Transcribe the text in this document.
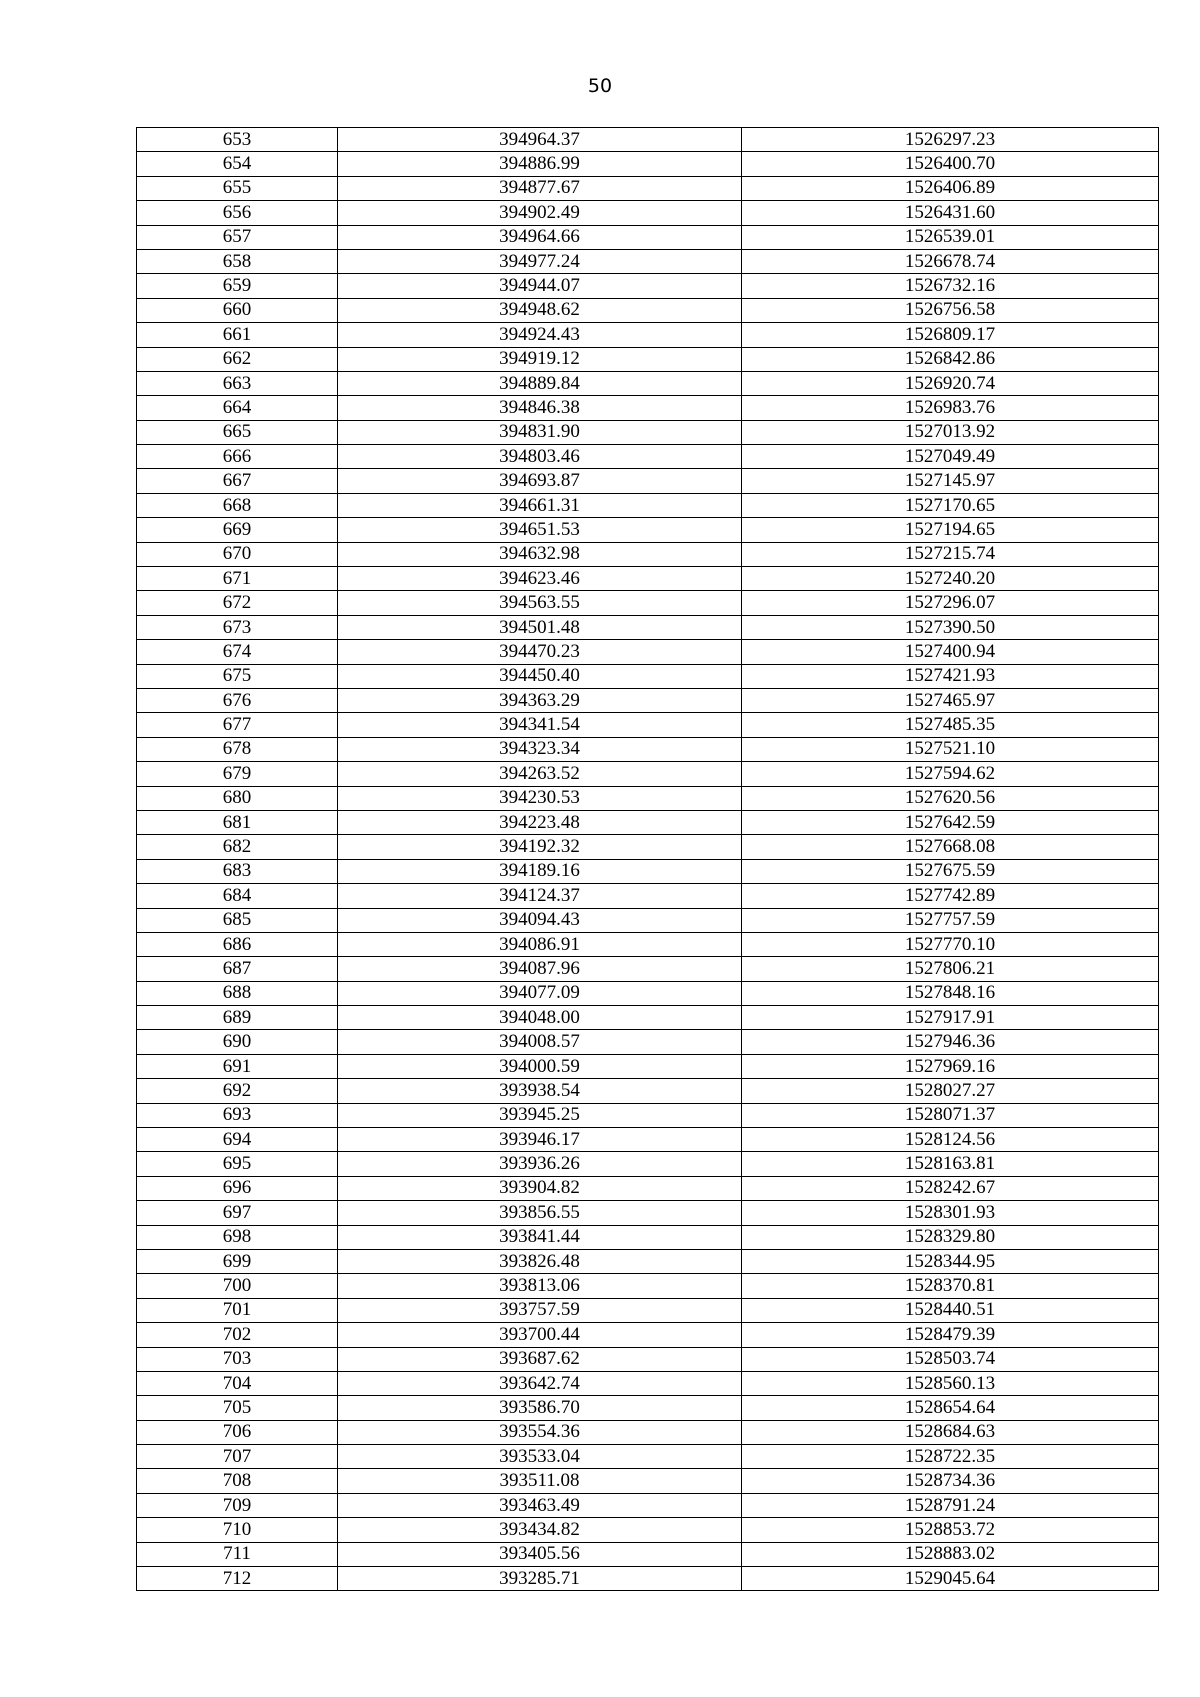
50
653	394964.37	1526297.23
654	394886.99	1526400.70
655	394877.67	1526406.89
656	394902.49	1526431.60
657	394964.66	1526539.01
658	394977.24	1526678.74
659	394944.07	1526732.16
660	394948.62	1526756.58
661	394924.43	1526809.17
662	394919.12	1526842.86
663	394889.84	1526920.74
664	394846.38	1526983.76
665	394831.90	1527013.92
666	394803.46	1527049.49
667	394693.87	1527145.97
668	394661.31	1527170.65
669	394651.53	1527194.65
670	394632.98	1527215.74
671	394623.46	1527240.20
672	394563.55	1527296.07
673	394501.48	1527390.50
674	394470.23	1527400.94
675	394450.40	1527421.93
676	394363.29	1527465.97
677	394341.54	1527485.35
678	394323.34	1527521.10
679	394263.52	1527594.62
680	394230.53	1527620.56
681	394223.48	1527642.59
682	394192.32	1527668.08
683	394189.16	1527675.59
684	394124.37	1527742.89
685	394094.43	1527757.59
686	394086.91	1527770.10
687	394087.96	1527806.21
688	394077.09	1527848.16
689	394048.00	1527917.91
690	394008.57	1527946.36
691	394000.59	1527969.16
692	393938.54	1528027.27
693	393945.25	1528071.37
694	393946.17	1528124.56
695	393936.26	1528163.81
696	393904.82	1528242.67
697	393856.55	1528301.93
698	393841.44	1528329.80
699	393826.48	1528344.95
700	393813.06	1528370.81
701	393757.59	1528440.51
702	393700.44	1528479.39
703	393687.62	1528503.74
704	393642.74	1528560.13
705	393586.70	1528654.64
706	393554.36	1528684.63
707	393533.04	1528722.35
708	393511.08	1528734.36
709	393463.49	1528791.24
710	393434.82	1528853.72
711	393405.56	1528883.02
712	393285.71	1529045.64
